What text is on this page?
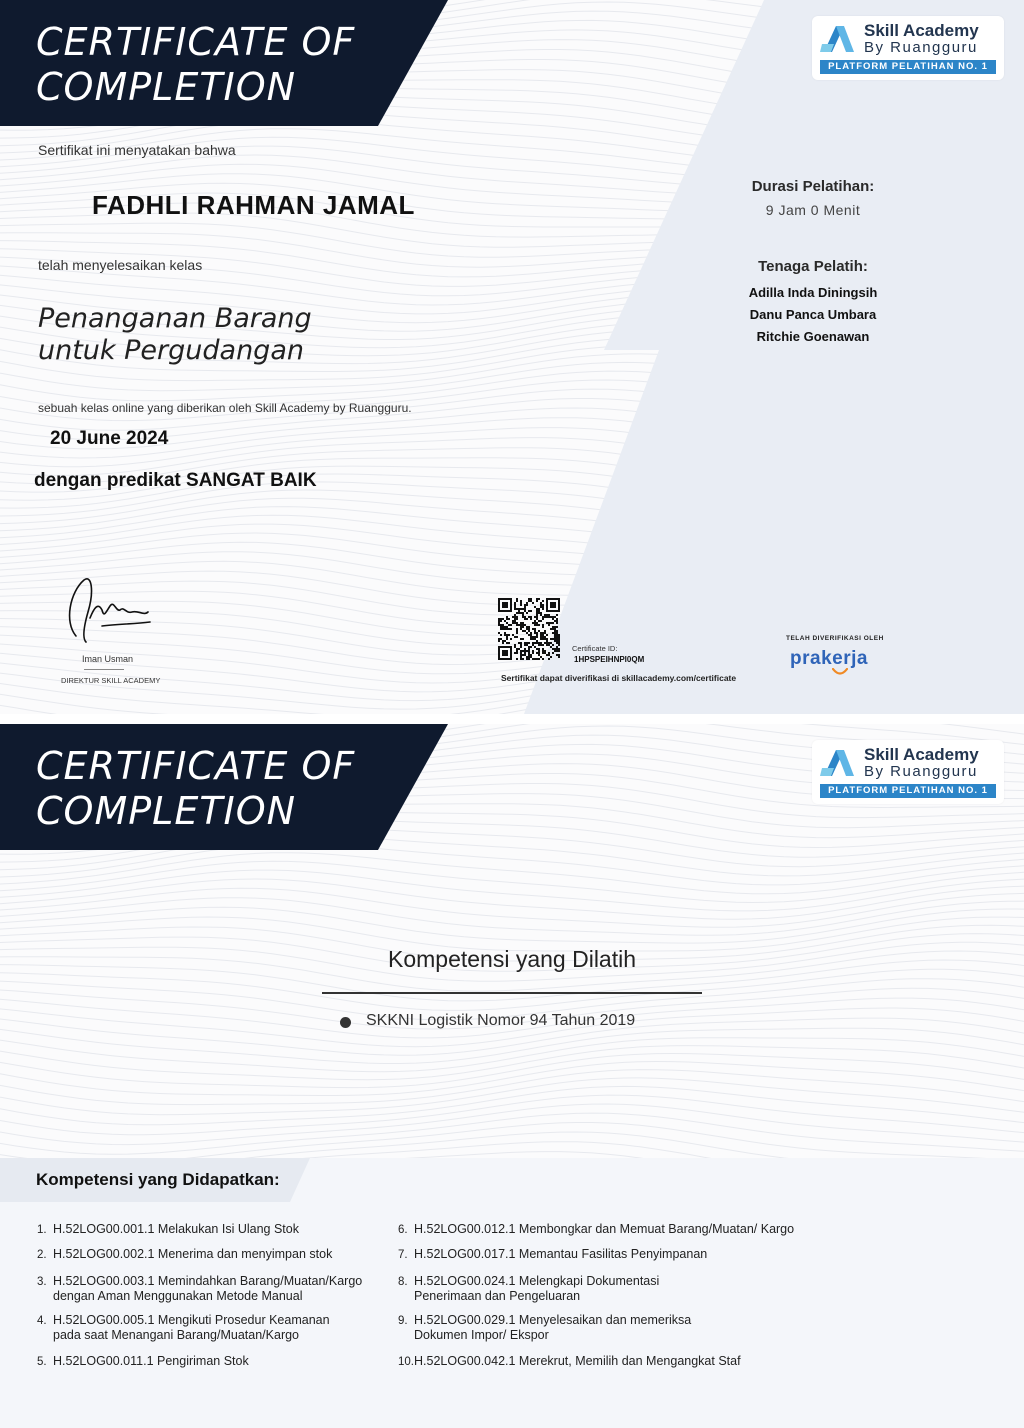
CERTIFICATE OF
COMPLETION
Skill Academy
By Ruangguru
PLATFORM PELATIHAN NO. 1
Sertifikat ini menyatakan bahwa
FADHLI RAHMAN JAMAL
telah menyelesaikan kelas
Penanganan Barang
untuk Pergudangan
sebuah kelas online yang diberikan oleh Skill Academy by Ruangguru.
20 June 2024
dengan predikat SANGAT BAIK
Durasi Pelatihan:
9 Jam 0 Menit
Tenaga Pelatih:
Adilla Inda Diningsih
Danu Panca Umbara
Ritchie Goenawan
Iman Usman
DIREKTUR SKILL ACADEMY
Certificate ID:
1HPSPEIHNPI0QM
Sertifikat dapat diverifikasi di skillacademy.com/certificate
TELAH DIVERIFIKASI OLEH
prakerja
CERTIFICATE OF
COMPLETION
Skill Academy
By Ruangguru
PLATFORM PELATIHAN NO. 1
Kompetensi yang Dilatih
SKKNI Logistik Nomor 94 Tahun 2019
Kompetensi yang Didapatkan:
1. H.52LOG00.001.1 Melakukan Isi Ulang Stok
2. H.52LOG00.002.1 Menerima dan menyimpan stok
3. H.52LOG00.003.1 Memindahkan Barang/Muatan/Kargo
dengan Aman Menggunakan Metode Manual
4. H.52LOG00.005.1 Mengikuti Prosedur Keamanan
pada saat Menangani Barang/Muatan/Kargo
5. H.52LOG00.011.1 Pengiriman Stok
6. H.52LOG00.012.1 Membongkar dan Memuat Barang/Muatan/ Kargo
7. H.52LOG00.017.1 Memantau Fasilitas Penyimpanan
8. H.52LOG00.024.1 Melengkapi Dokumentasi
Penerimaan dan Pengeluaran
9. H.52LOG00.029.1 Menyelesaikan dan memeriksa
Dokumen Impor/ Ekspor
10. H.52LOG00.042.1 Merekrut, Memilih dan Mengangkat Staf
